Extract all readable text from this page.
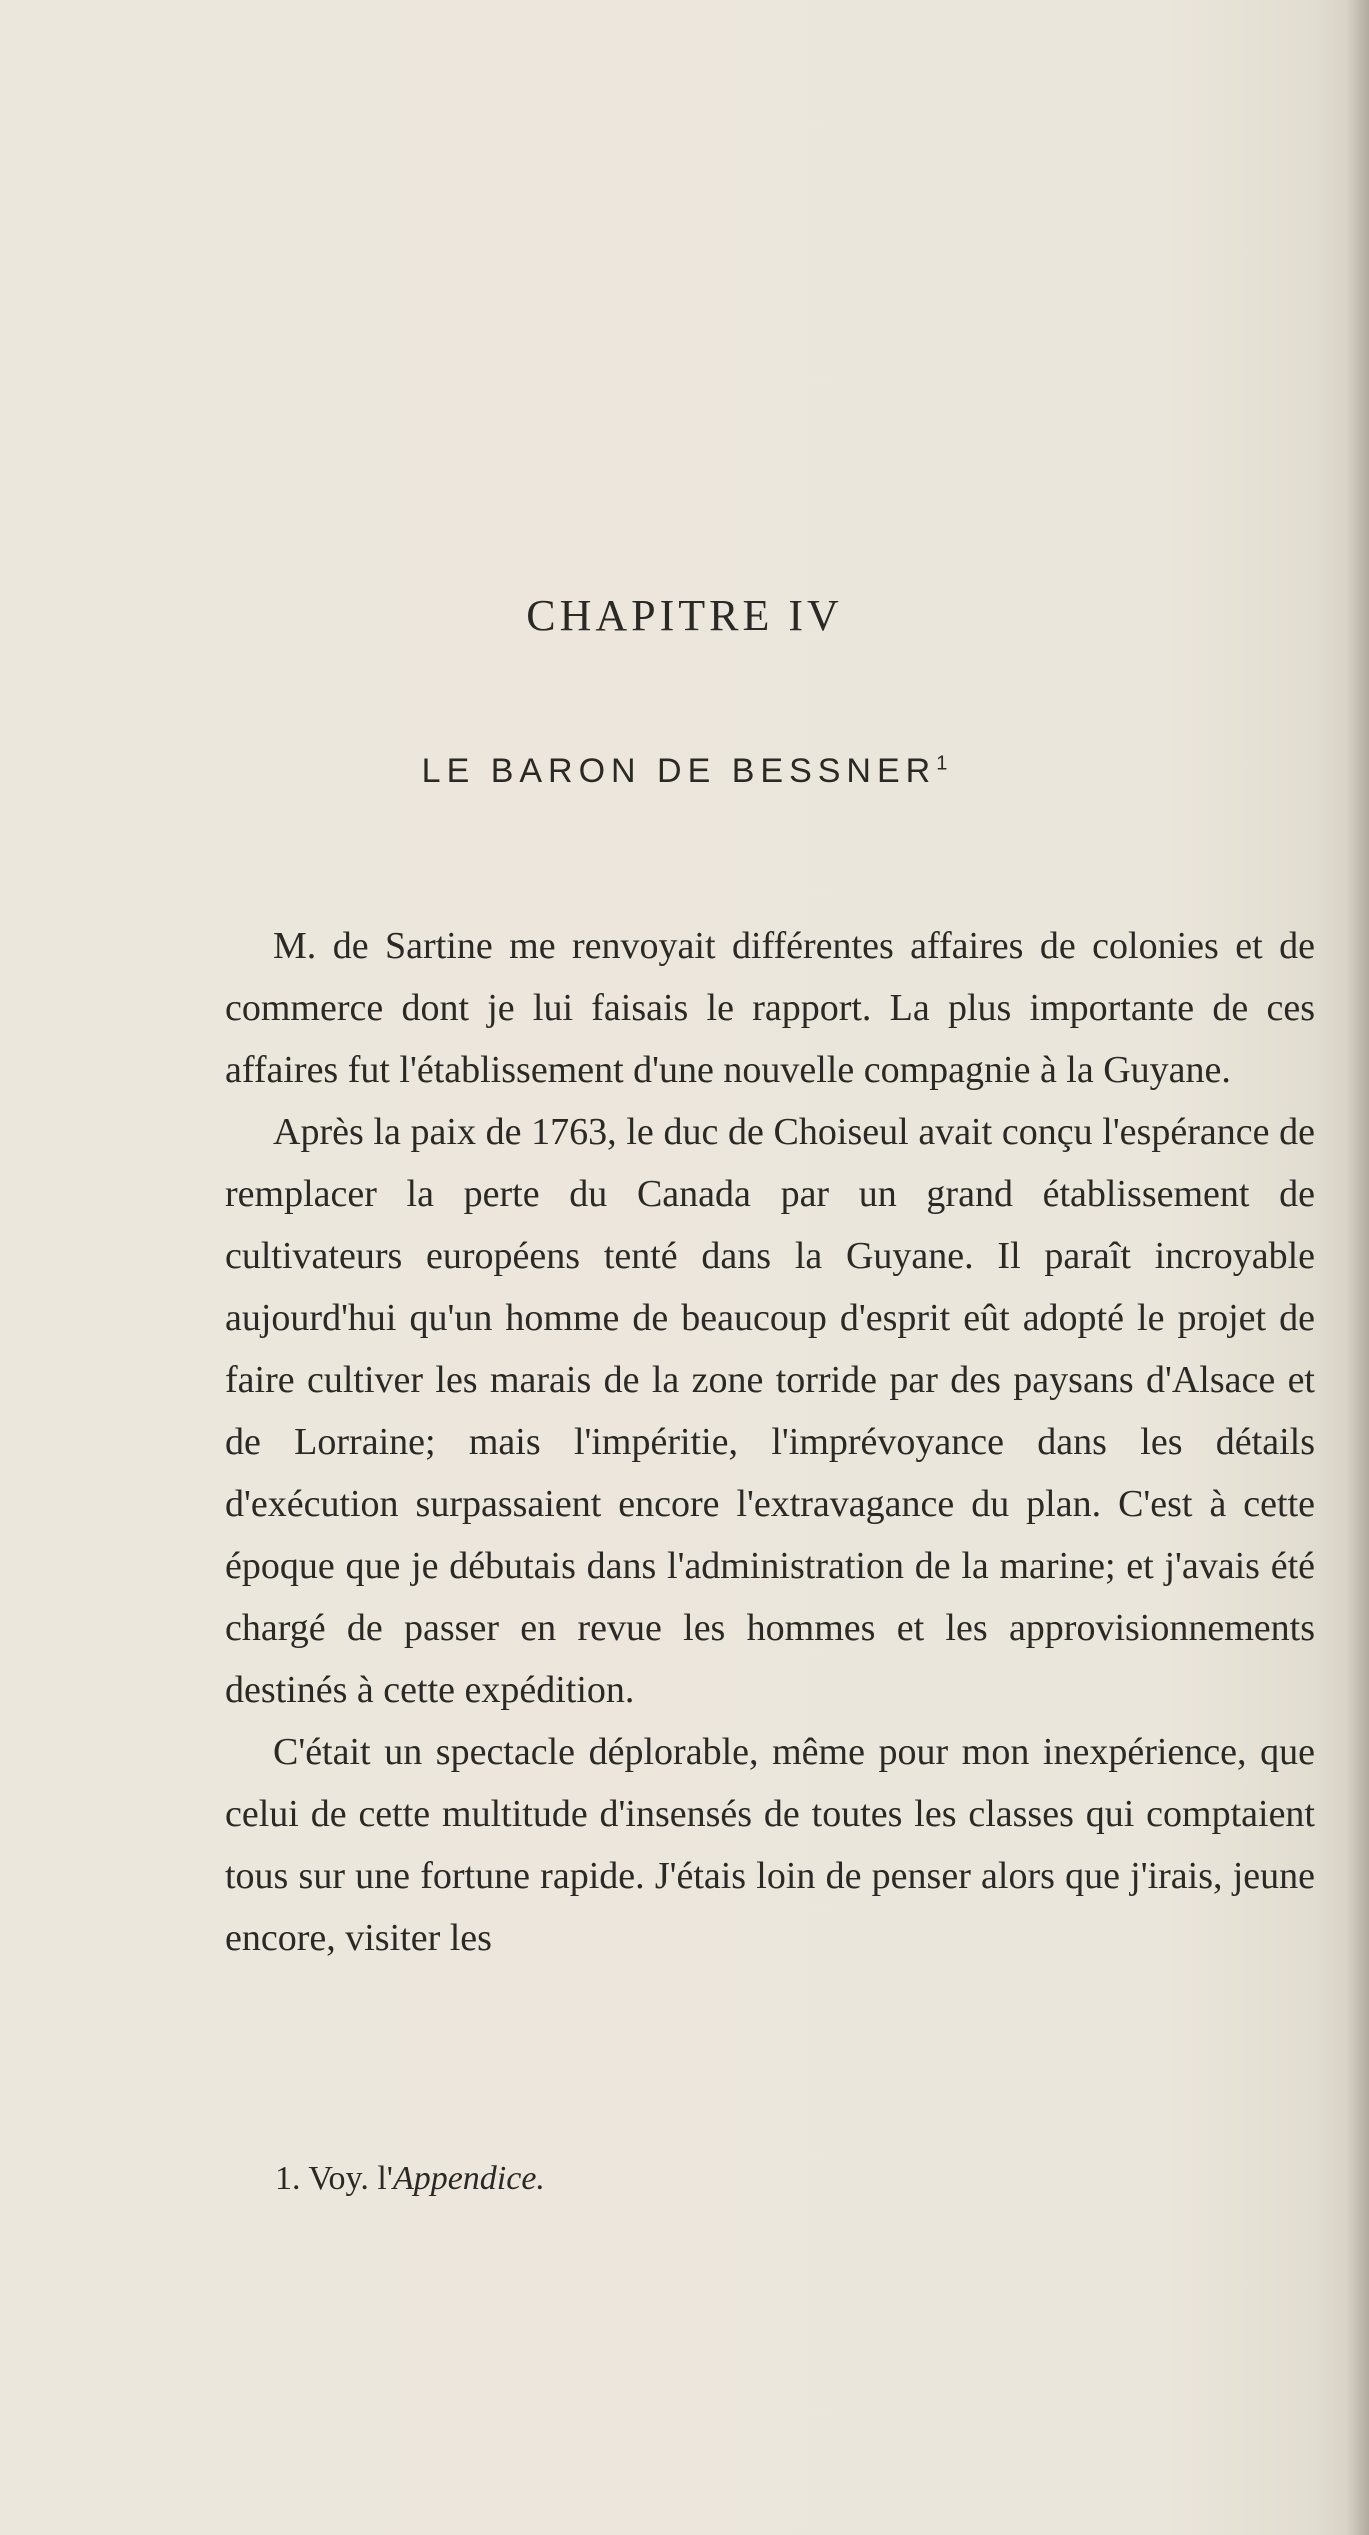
CHAPITRE IV
LE BARON DE BESSNER$^1$

M. de Sartine me renvoyait différentes affaires de colonies et de commerce dont je lui faisais le rapport. La plus importante de ces affaires fut l'établissement d'une nouvelle compagnie à la Guyane.

Après la paix de 1763, le duc de Choiseul avait conçu l'espérance de remplacer la perte du Canada par un grand établissement de cultivateurs européens tenté dans la Guyane. Il paraît incroyable aujourd'hui qu'un homme de beaucoup d'esprit eût adopté le projet de faire cultiver les marais de la zone torride par des paysans d'Alsace et de Lorraine; mais l'impéritie, l'imprévoyance dans les détails d'exécution surpassaient encore l'extravagance du plan. C'est à cette époque que je débutais dans l'administration de la marine; et j'avais été chargé de passer en revue les hommes et les approvisionnements destinés à cette expédition.

C'était un spectacle déplorable, même pour mon inexpérience, que celui de cette multitude d'insensés de toutes les classes qui comptaient tous sur une fortune rapide. J'étais loin de penser alors que j'irais, jeune encore, visiter les

1. Voy. l'Appendice.
